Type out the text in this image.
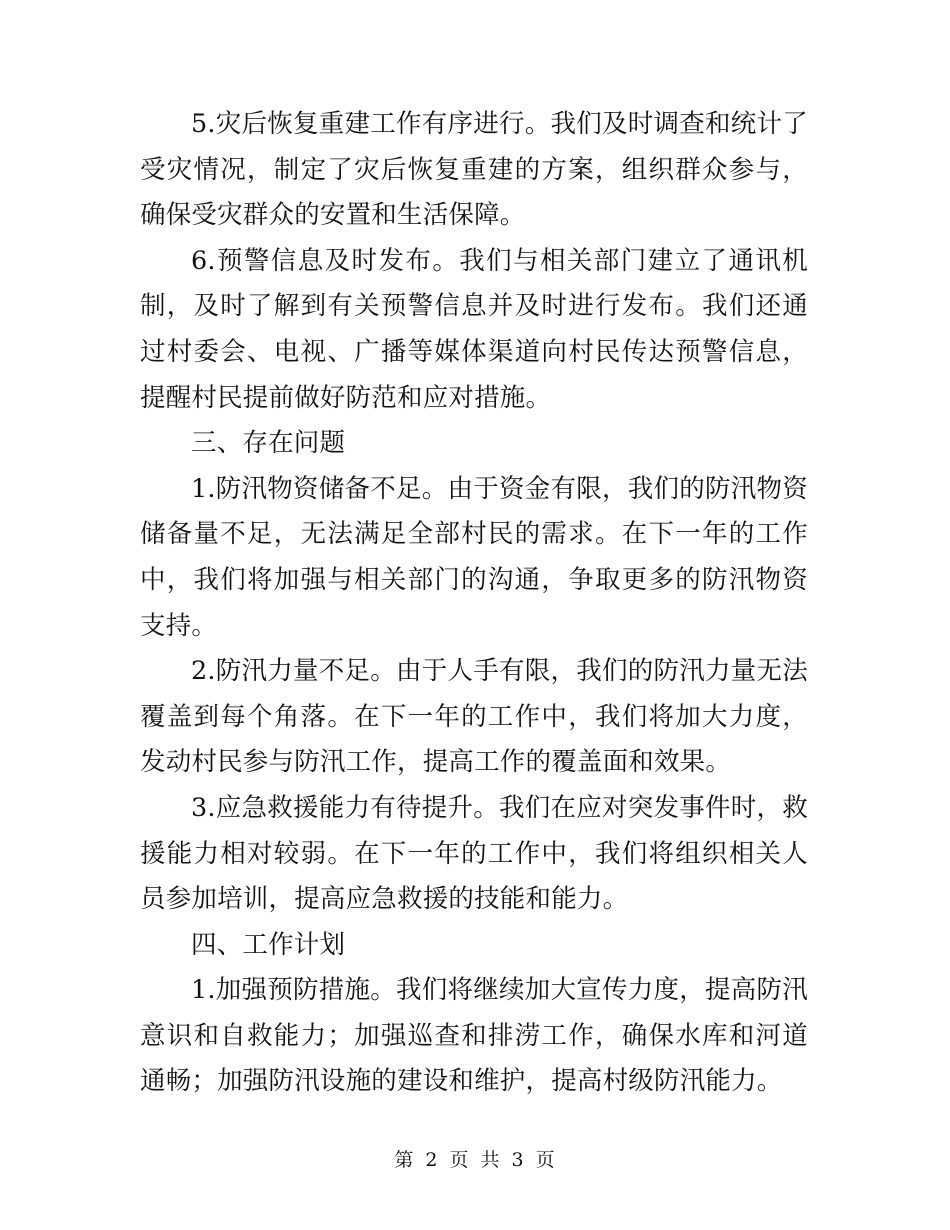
5.灾后恢复重建工作有序进行。我们及时调查和统计了受灾情况，制定了灾后恢复重建的方案，组织群众参与，确保受灾群众的安置和生活保障。

6.预警信息及时发布。我们与相关部门建立了通讯机制，及时了解到有关预警信息并及时进行发布。我们还通过村委会、电视、广播等媒体渠道向村民传达预警信息，提醒村民提前做好防范和应对措施。

三、存在问题

1.防汛物资储备不足。由于资金有限，我们的防汛物资储备量不足，无法满足全部村民的需求。在下一年的工作中，我们将加强与相关部门的沟通，争取更多的防汛物资支持。

2.防汛力量不足。由于人手有限，我们的防汛力量无法覆盖到每个角落。在下一年的工作中，我们将加大力度，发动村民参与防汛工作，提高工作的覆盖面和效果。

3.应急救援能力有待提升。我们在应对突发事件时，救援能力相对较弱。在下一年的工作中，我们将组织相关人员参加培训，提高应急救援的技能和能力。

四、工作计划

1.加强预防措施。我们将继续加大宣传力度，提高防汛意识和自救能力；加强巡查和排涝工作，确保水库和河道通畅；加强防汛设施的建设和维护，提高村级防汛能力。

第 2 页 共 3 页
